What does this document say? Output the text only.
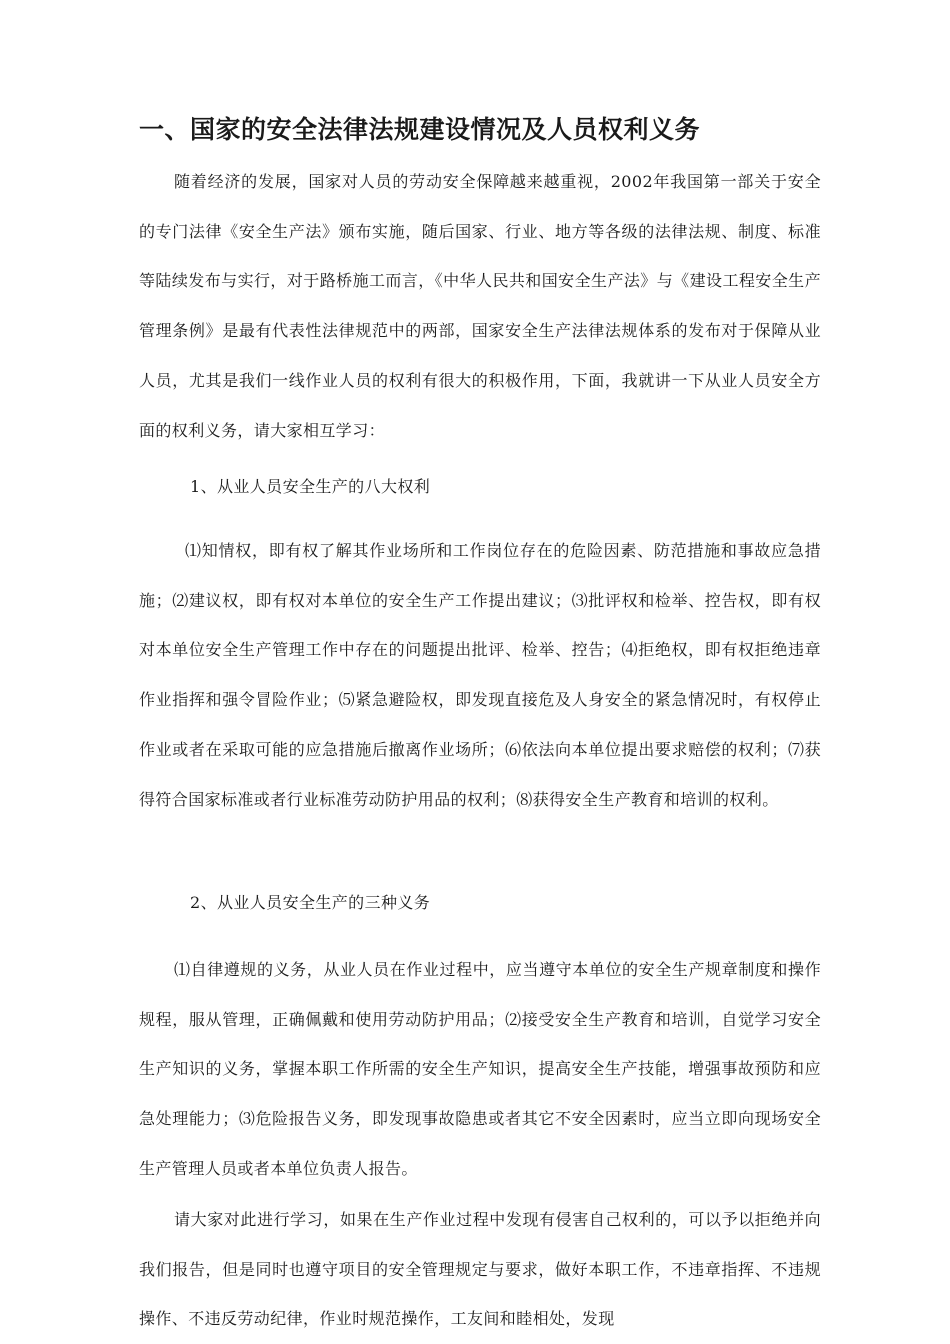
一、国家的安全法律法规建设情况及人员权利义务

随着经济的发展，国家对人员的劳动安全保障越来越重视，2002年我国第一部关于安全的专门法律《安全生产法》颁布实施，随后国家、行业、地方等各级的法律法规、制度、标准等陆续发布与实行，对于路桥施工而言，《中华人民共和国安全生产法》与《建设工程安全生产管理条例》是最有代表性法律规范中的两部，国家安全生产法律法规体系的发布对于保障从业人员，尤其是我们一线作业人员的权利有很大的积极作用，下面，我就讲一下从业人员安全方面的权利义务，请大家相互学习：

1、从业人员安全生产的八大权利

⑴知情权，即有权了解其作业场所和工作岗位存在的危险因素、防范措施和事故应急措施；⑵建议权，即有权对本单位的安全生产工作提出建议；⑶批评权和检举、控告权，即有权对本单位安全生产管理工作中存在的问题提出批评、检举、控告；⑷拒绝权，即有权拒绝违章作业指挥和强令冒险作业；⑸紧急避险权，即发现直接危及人身安全的紧急情况时，有权停止作业或者在采取可能的应急措施后撤离作业场所；⑹依法向本单位提出要求赔偿的权利；⑺获得符合国家标准或者行业标准劳动防护用品的权利；⑻获得安全生产教育和培训的权利。

2、从业人员安全生产的三种义务

⑴自律遵规的义务，从业人员在作业过程中，应当遵守本单位的安全生产规章制度和操作规程，服从管理，正确佩戴和使用劳动防护用品；⑵接受安全生产教育和培训，自觉学习安全生产知识的义务，掌握本职工作所需的安全生产知识，提高安全生产技能，增强事故预防和应急处理能力；⑶危险报告义务，即发现事故隐患或者其它不安全因素时，应当立即向现场安全生产管理人员或者本单位负责人报告。

请大家对此进行学习，如果在生产作业过程中发现有侵害自己权利的，可以予以拒绝并向我们报告，但是同时也遵守项目的安全管理规定与要求，做好本职工作，不违章指挥、不违规操作、不违反劳动纪律，作业时规范操作，工友间和睦相处，发现
